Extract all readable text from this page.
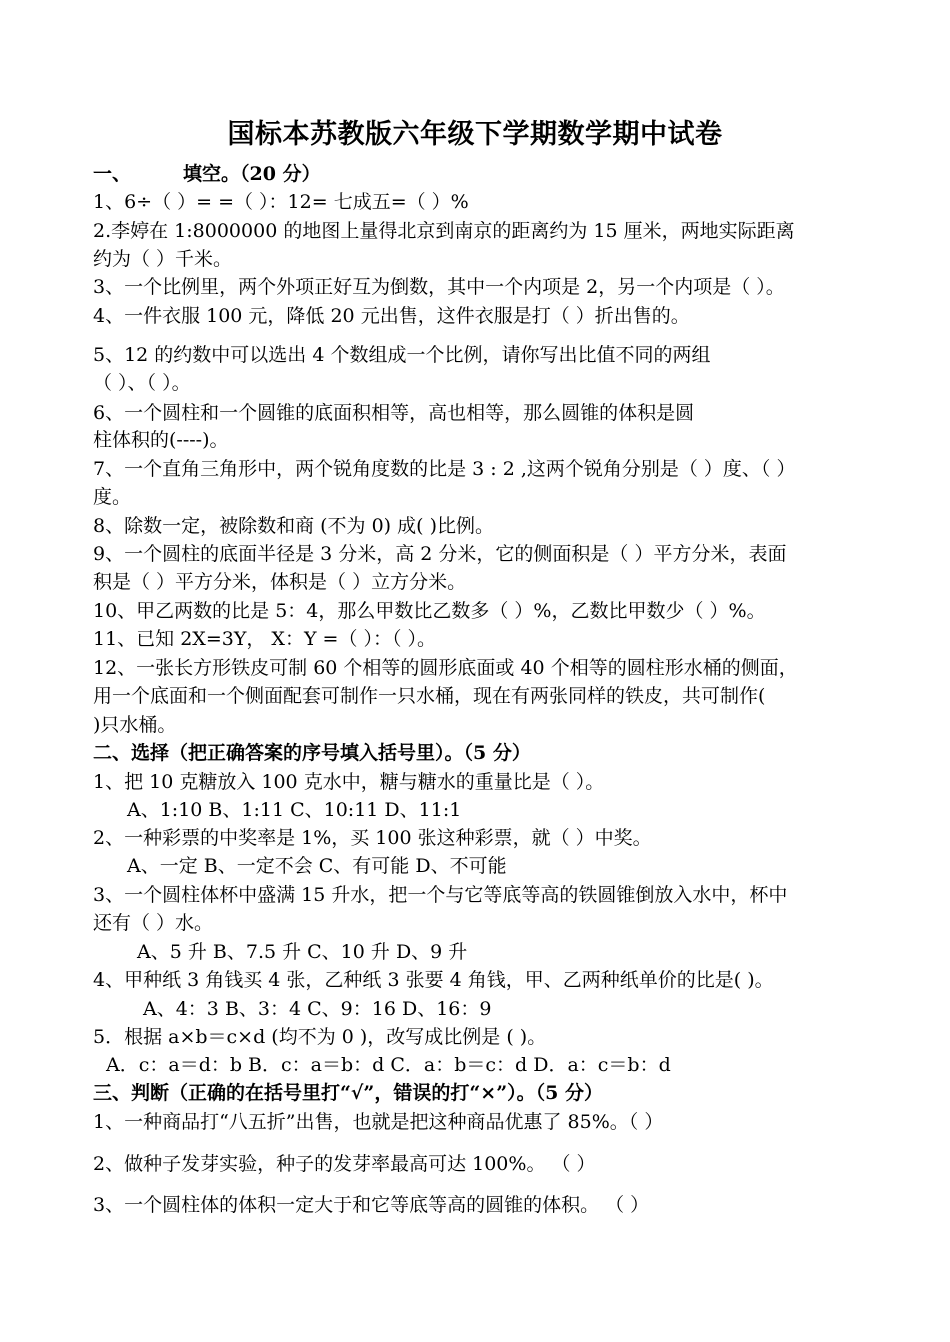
国标本苏教版六年级下学期数学期中试卷
一、	填空。（20 分）
1、6÷（ ）= =（ ）：12= 七成五=（ ）%
2.李婷在 1:8000000 的地图上量得北京到南京的距离约为 15 厘米，两地实际距离
约为（ ）千米。
3、一个比例里，两个外项正好互为倒数，其中一个内项是 2，另一个内项是（ ）。
4、一件衣服 100 元，降低 20 元出售，这件衣服是打（ ）折出售的。
5、12 的约数中可以选出 4 个数组成一个比例，请你写出比值不同的两组
（ ）、（ ）。
6、一个圆柱和一个圆锥的底面积相等，高也相等，那么圆锥的体积是圆
柱体积的(----)。
7、一个直角三角形中，两个锐角度数的比是 3 : 2 ,这两个锐角分别是（ ）度、（ ）
度。
8、除数一定，被除数和商 (不为 0) 成( )比例。
9、一个圆柱的底面半径是 3 分米，高 2 分米，它的侧面积是（ ）平方分米，表面
积是（ ）平方分米，体积是（ ）立方分米。
10、甲乙两数的比是 5：4，那么甲数比乙数多（ ）%，乙数比甲数少（ ）%。
11、已知 2X=3Y， X：Y =（ ）：（ ）。
12、一张长方形铁皮可制 60 个相等的圆形底面或 40 个相等的圆柱形水桶的侧面，
用一个底面和一个侧面配套可制作一只水桶，现在有两张同样的铁皮，共可制作(
)只水桶。
二、选择（把正确答案的序号填入括号里）。（5 分）
1、把 10 克糖放入 100 克水中，糖与糖水的重量比是（ ）。
A、1:10 B、1:11 C、10:11 D、11:1
2、一种彩票的中奖率是 1%，买 100 张这种彩票，就（ ）中奖。
A、一定 B、一定不会 C、有可能 D、不可能
3、一个圆柱体杯中盛满 15 升水，把一个与它等底等高的铁圆锥倒放入水中，杯中
还有（ ）水。
A、5 升 B、7.5 升 C、10 升 D、9 升
4、甲种纸 3 角钱买 4 张，乙种纸 3 张要 4 角钱，甲、乙两种纸单价的比是( )。
A、4：3 B、3：4 C、9：16 D、16：9
5．根据 a×b＝c×d (均不为 0 )，改写成比例是 ( )。
A．c：a＝d：b B．c：a＝b：d C．a：b＝c：d D．a：c＝b：d
三、判断（正确的在括号里打“√”，错误的打“×”）。（5 分）
1、一种商品打“八五折”出售，也就是把这种商品优惠了 85%。（ ）
2、做种子发芽实验，种子的发芽率最高可达 100%。 （ ）
3、一个圆柱体的体积一定大于和它等底等高的圆锥的体积。 （ ）
